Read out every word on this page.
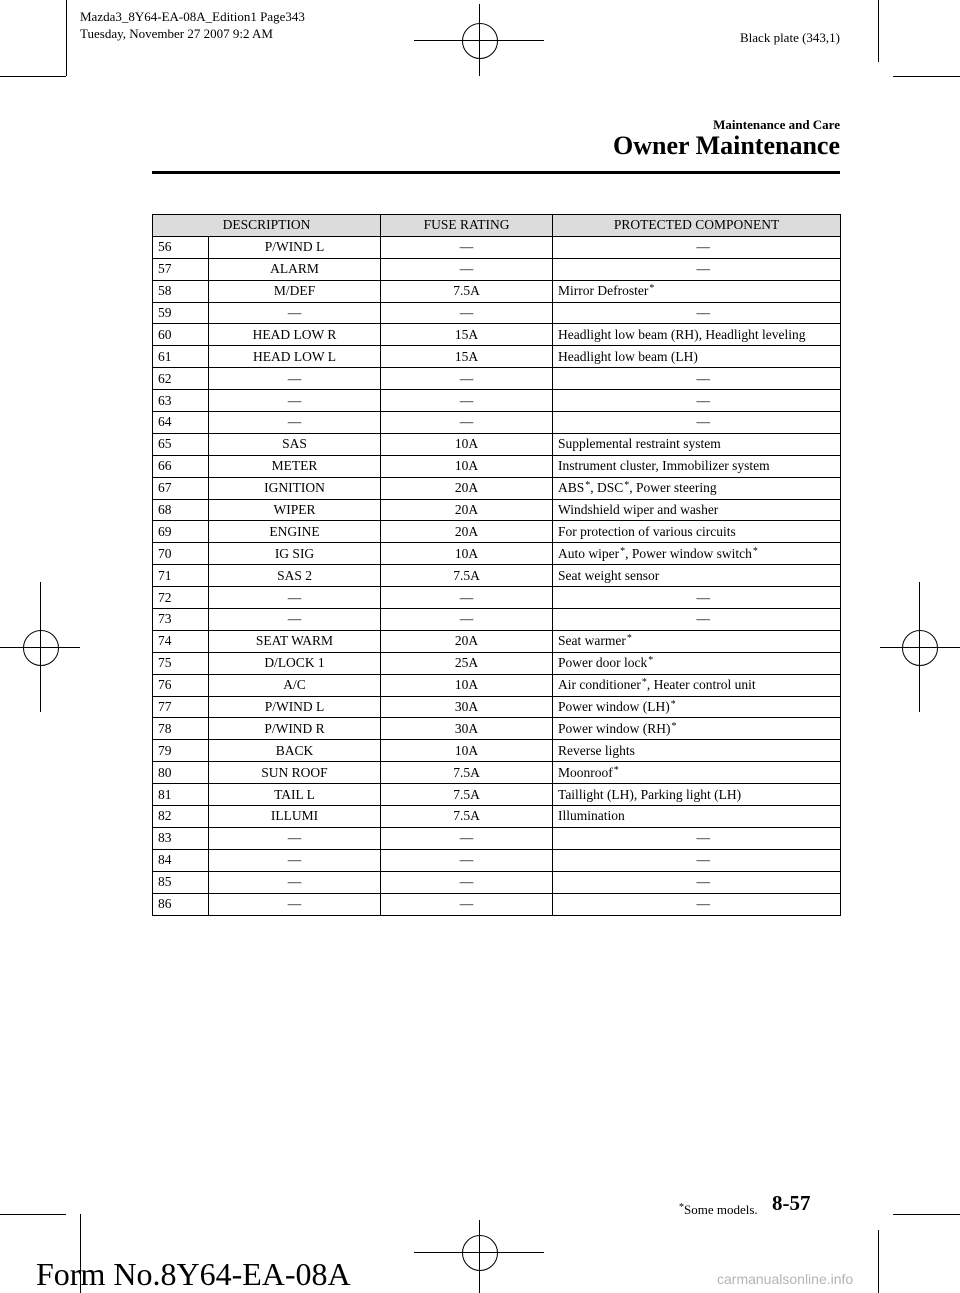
Mazda3_8Y64-EA-08A_Edition1 Page343
Tuesday, November 27 2007 9:2 AM	Black plate (343,1)
Maintenance and Care
Owner Maintenance
DESCRIPTION		FUSE RATING	PROTECTED COMPONENT
56	P/WIND L	―	―
57	ALARM	―	―
58	M/DEF	7.5A	Mirror Defroster*
59	―	―	―
60	HEAD LOW R	15A	Headlight low beam (RH), Headlight leveling
61	HEAD LOW L	15A	Headlight low beam (LH)
62	―	―	―
63	―	―	―
64	―	―	―
65	SAS	10A	Supplemental restraint system
66	METER	10A	Instrument cluster, Immobilizer system
67	IGNITION	20A	ABS*, DSC*, Power steering
68	WIPER	20A	Windshield wiper and washer
69	ENGINE	20A	For protection of various circuits
70	IG SIG	10A	Auto wiper*, Power window switch*
71	SAS 2	7.5A	Seat weight sensor
72	―	―	―
73	―	―	―
74	SEAT WARM	20A	Seat warmer*
75	D/LOCK 1	25A	Power door lock*
76	A/C	10A	Air conditioner*, Heater control unit
77	P/WIND L	30A	Power window (LH)*
78	P/WIND R	30A	Power window (RH)*
79	BACK	10A	Reverse lights
80	SUN ROOF	7.5A	Moonroof*
81	TAIL L	7.5A	Taillight (LH), Parking light (LH)
82	ILLUMI	7.5A	Illumination
83	―	―	―
84	―	―	―
85	―	―	―
86	―	―	―
*Some models. 8-57
Form No.8Y64-EA-08A	carmanualsonline.info
